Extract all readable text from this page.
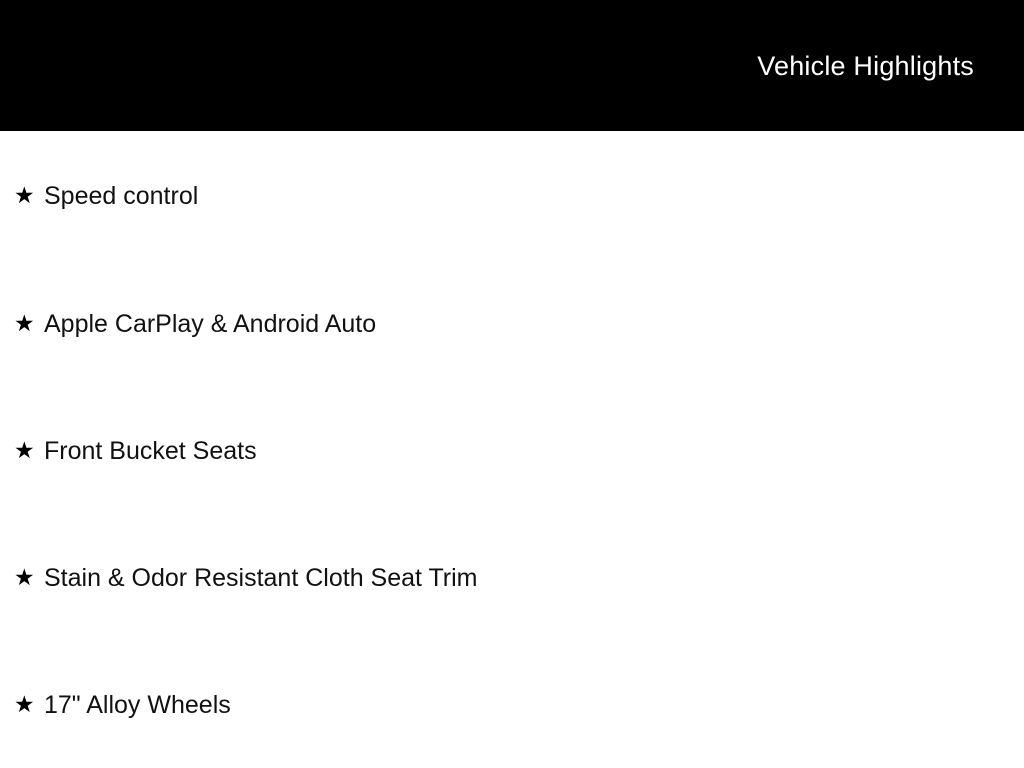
Vehicle Highlights
★ Speed control
★ Apple CarPlay & Android Auto
★ Front Bucket Seats
★ Stain & Odor Resistant Cloth Seat Trim
★ 17" Alloy Wheels
